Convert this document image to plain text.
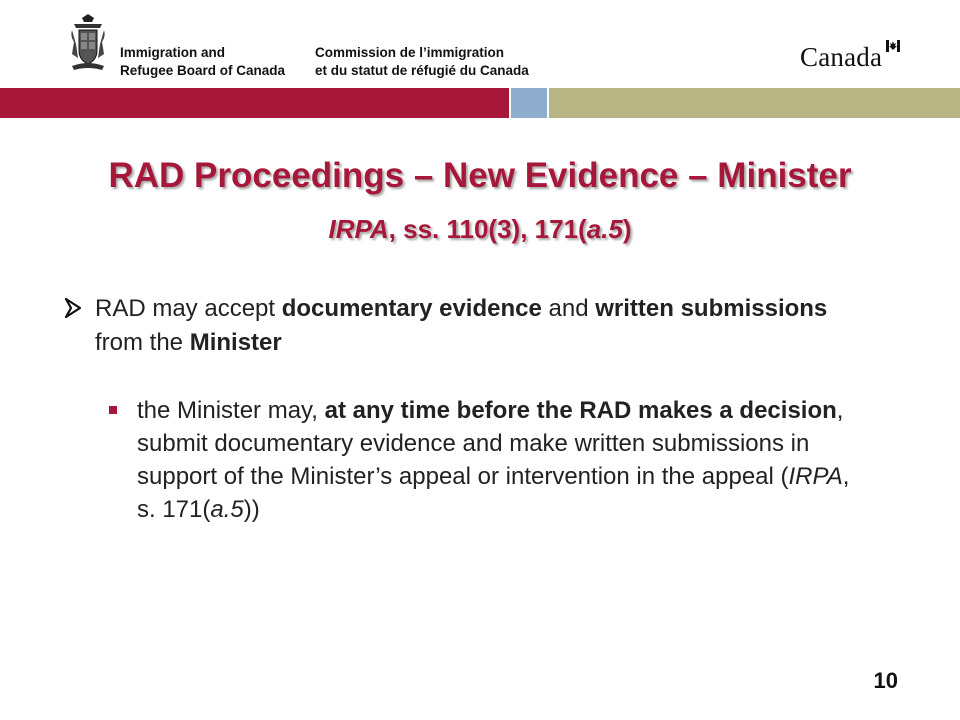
Immigration and
Refugee Board of Canada
Commission de l’immigration
et du statut de réfugié du Canada	Canada
RAD Proceedings – New Evidence – Minister
IRPA, ss. 110(3), 171(a.5)
RAD may accept documentary evidence and written submissions from the Minister
the Minister may, at any time before the RAD makes a decision, submit documentary evidence and make written submissions in support of the Minister’s appeal or intervention in the appeal (IRPA, s. 171(a.5))
10
